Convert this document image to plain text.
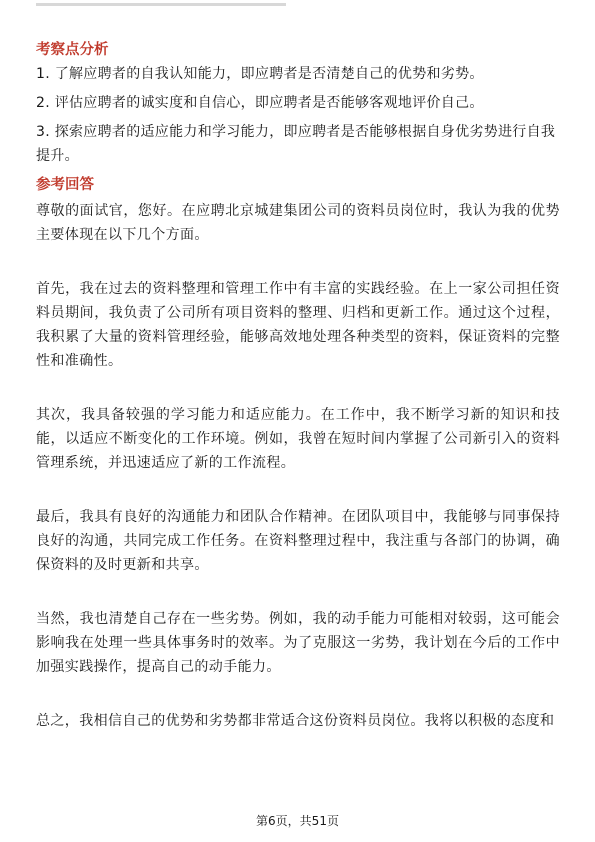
考察点分析

1. 了解应聘者的自我认知能力，即应聘者是否清楚自己的优势和劣势。

2. 评估应聘者的诚实度和自信心，即应聘者是否能够客观地评价自己。

3. 探索应聘者的适应能力和学习能力，即应聘者是否能够根据自身优劣势进行自我提升。

参考回答

尊敬的面试官，您好。在应聘北京城建集团公司的资料员岗位时，我认为我的优势主要体现在以下几个方面。

首先，我在过去的资料整理和管理工作中有丰富的实践经验。在上一家公司担任资料员期间，我负责了公司所有项目资料的整理、归档和更新工作。通过这个过程，我积累了大量的资料管理经验，能够高效地处理各种类型的资料，保证资料的完整性和准确性。

其次，我具备较强的学习能力和适应能力。在工作中，我不断学习新的知识和技能，以适应不断变化的工作环境。例如，我曾在短时间内掌握了公司新引入的资料管理系统，并迅速适应了新的工作流程。

最后，我具有良好的沟通能力和团队合作精神。在团队项目中，我能够与同事保持良好的沟通，共同完成工作任务。在资料整理过程中，我注重与各部门的协调，确保资料的及时更新和共享。

当然，我也清楚自己存在一些劣势。例如，我的动手能力可能相对较弱，这可能会影响我在处理一些具体事务时的效率。为了克服这一劣势，我计划在今后的工作中加强实践操作，提高自己的动手能力。

总之，我相信自己的优势和劣势都非常适合这份资料员岗位。我将以积极的态度和

第6页，共51页
